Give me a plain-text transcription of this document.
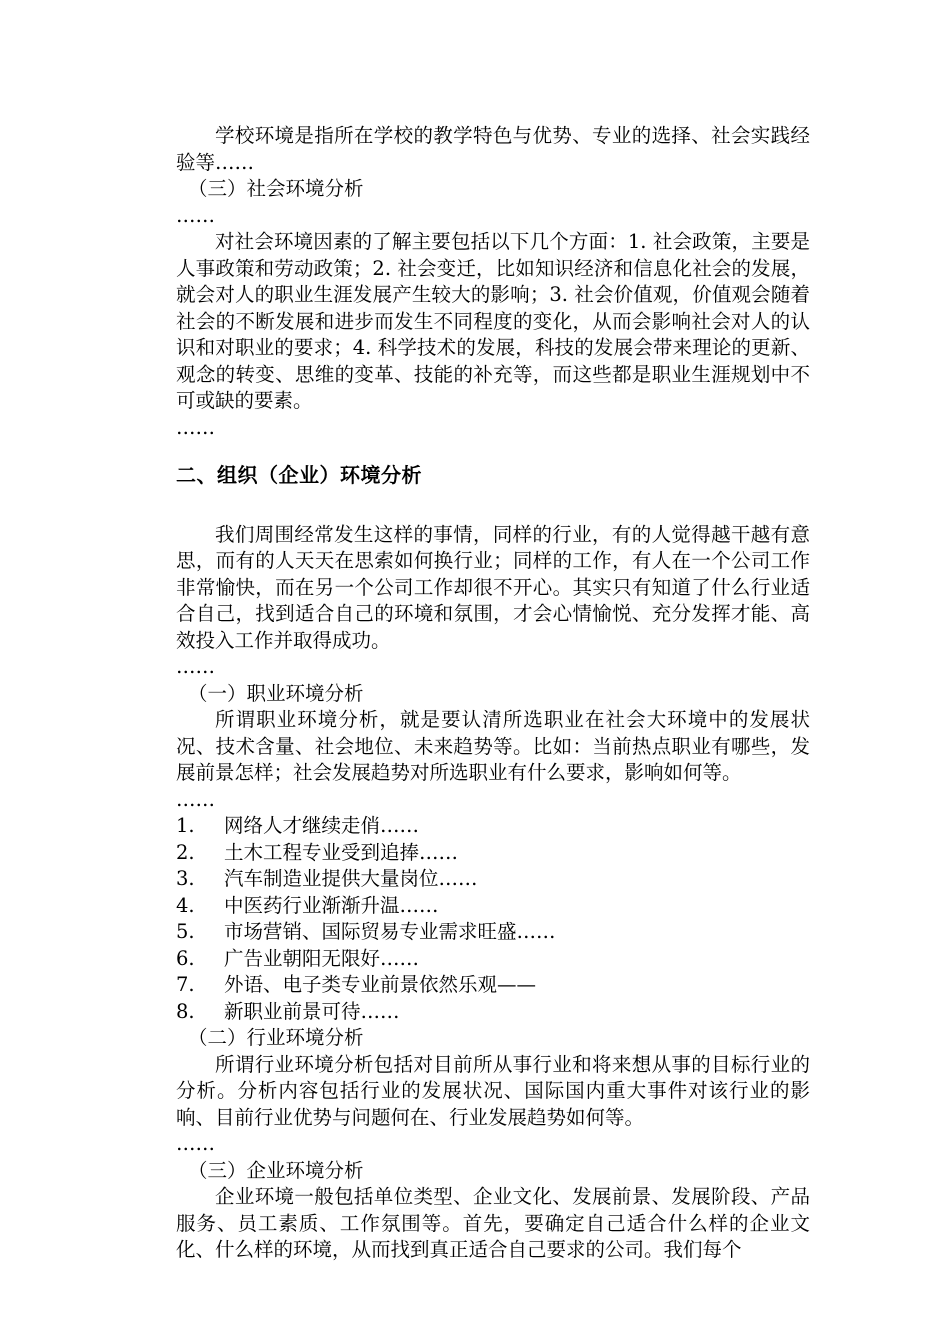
学校环境是指所在学校的教学特色与优势、专业的选择、社会实践经验等……

（三）社会环境分析

……

对社会环境因素的了解主要包括以下几个方面：1. 社会政策，主要是人事政策和劳动政策；2. 社会变迁，比如知识经济和信息化社会的发展，就会对人的职业生涯发展产生较大的影响；3. 社会价值观，价值观会随着社会的不断发展和进步而发生不同程度的变化，从而会影响社会对人的认识和对职业的要求；4. 科学技术的发展，科技的发展会带来理论的更新、观念的转变、思维的变革、技能的补充等，而这些都是职业生涯规划中不可或缺的要素。

……

二、组织（企业）环境分析

我们周围经常发生这样的事情，同样的行业，有的人觉得越干越有意思，而有的人天天在思索如何换行业；同样的工作，有人在一个公司工作非常愉快，而在另一个公司工作却很不开心。其实只有知道了什么行业适合自己，找到适合自己的环境和氛围，才会心情愉悦、充分发挥才能、高效投入工作并取得成功。

……

（一）职业环境分析

所谓职业环境分析，就是要认清所选职业在社会大环境中的发展状况、技术含量、社会地位、未来趋势等。比如：当前热点职业有哪些，发展前景怎样；社会发展趋势对所选职业有什么要求，影响如何等。

……

1. 网络人才继续走俏……

2. 土木工程专业受到追捧……

3. 汽车制造业提供大量岗位……

4. 中医药行业渐渐升温……

5. 市场营销、国际贸易专业需求旺盛……

6. 广告业朝阳无限好……

7. 外语、电子类专业前景依然乐观——

8. 新职业前景可待……

（二）行业环境分析

所谓行业环境分析包括对目前所从事行业和将来想从事的目标行业的分析。分析内容包括行业的发展状况、国际国内重大事件对该行业的影响、目前行业优势与问题何在、行业发展趋势如何等。

……

（三）企业环境分析

企业环境一般包括单位类型、企业文化、发展前景、发展阶段、产品服务、员工素质、工作氛围等。首先，要确定自己适合什么样的企业文化、什么样的环境，从而找到真正适合自己要求的公司。我们每个
